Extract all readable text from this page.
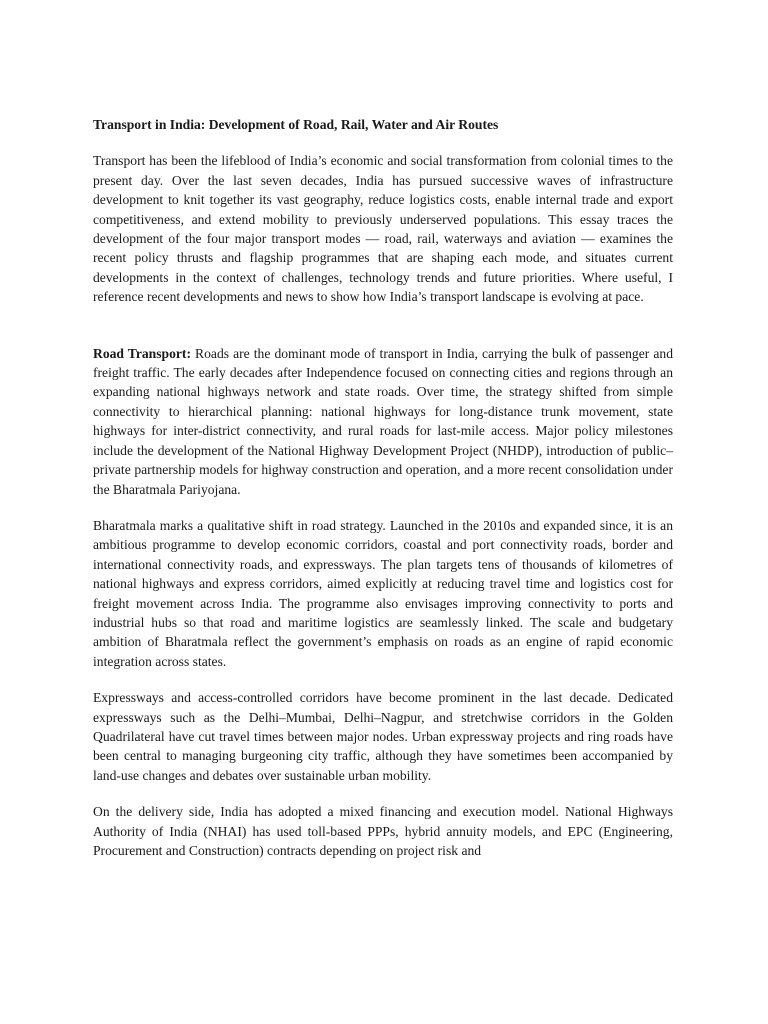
Transport in India: Development of Road, Rail, Water and Air Routes

Transport has been the lifeblood of India’s economic and social transformation from colonial times to the present day. Over the last seven decades, India has pursued successive waves of infrastructure development to knit together its vast geography, reduce logistics costs, enable internal trade and export competitiveness, and extend mobility to previously underserved populations. This essay traces the development of the four major transport modes — road, rail, waterways and aviation — examines the recent policy thrusts and flagship programmes that are shaping each mode, and situates current developments in the context of challenges, technology trends and future priorities. Where useful, I reference recent developments and news to show how India’s transport landscape is evolving at pace.

Road Transport: Roads are the dominant mode of transport in India, carrying the bulk of passenger and freight traffic. The early decades after Independence focused on connecting cities and regions through an expanding national highways network and state roads. Over time, the strategy shifted from simple connectivity to hierarchical planning: national highways for long-distance trunk movement, state highways for inter-district connectivity, and rural roads for last-mile access. Major policy milestones include the development of the National Highway Development Project (NHDP), introduction of public–private partnership models for highway construction and operation, and a more recent consolidation under the Bharatmala Pariyojana.

Bharatmala marks a qualitative shift in road strategy. Launched in the 2010s and expanded since, it is an ambitious programme to develop economic corridors, coastal and port connectivity roads, border and international connectivity roads, and expressways. The plan targets tens of thousands of kilometres of national highways and express corridors, aimed explicitly at reducing travel time and logistics cost for freight movement across India. The programme also envisages improving connectivity to ports and industrial hubs so that road and maritime logistics are seamlessly linked. The scale and budgetary ambition of Bharatmala reflect the government’s emphasis on roads as an engine of rapid economic integration across states.

Expressways and access-controlled corridors have become prominent in the last decade. Dedicated expressways such as the Delhi–Mumbai, Delhi–Nagpur, and stretchwise corridors in the Golden Quadrilateral have cut travel times between major nodes. Urban expressway projects and ring roads have been central to managing burgeoning city traffic, although they have sometimes been accompanied by land-use changes and debates over sustainable urban mobility.

On the delivery side, India has adopted a mixed financing and execution model. National Highways Authority of India (NHAI) has used toll-based PPPs, hybrid annuity models, and EPC (Engineering, Procurement and Construction) contracts depending on project risk and
